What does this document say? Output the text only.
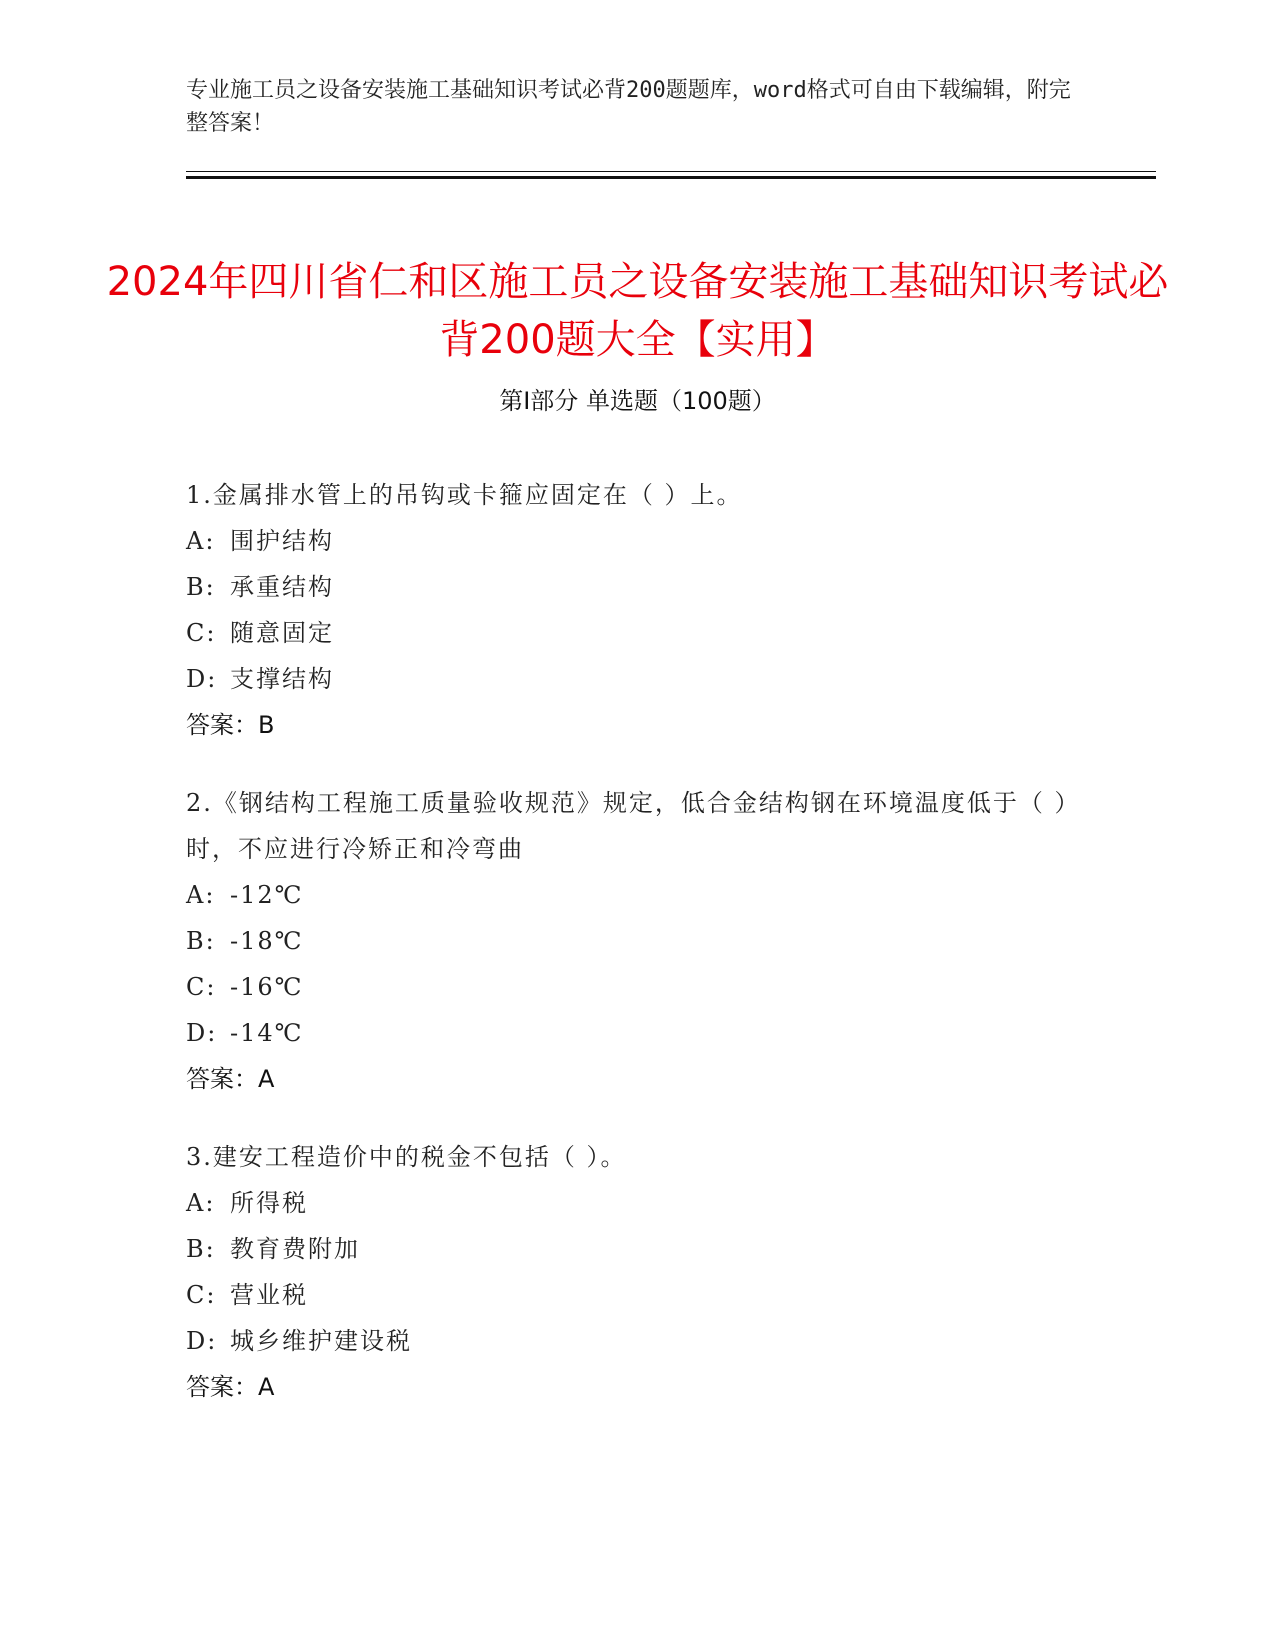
专业施工员之设备安装施工基础知识考试必背200题题库，word格式可自由下载编辑，附完整答案！
2024年四川省仁和区施工员之设备安装施工基础知识考试必背200题大全【实用】
第I部分 单选题（100题）
1.金属排水管上的吊钩或卡箍应固定在（ ）上。
A: 围护结构
B: 承重结构
C: 随意固定
D: 支撑结构
答案：B
2.《钢结构工程施工质量验收规范》规定，低合金结构钢在环境温度低于（ ）时，不应进行冷矫正和冷弯曲
A: -12℃
B: -18℃
C: -16℃
D: -14℃
答案：A
3.建安工程造价中的税金不包括（ ）。
A: 所得税
B: 教育费附加
C: 营业税
D: 城乡维护建设税
答案：A
